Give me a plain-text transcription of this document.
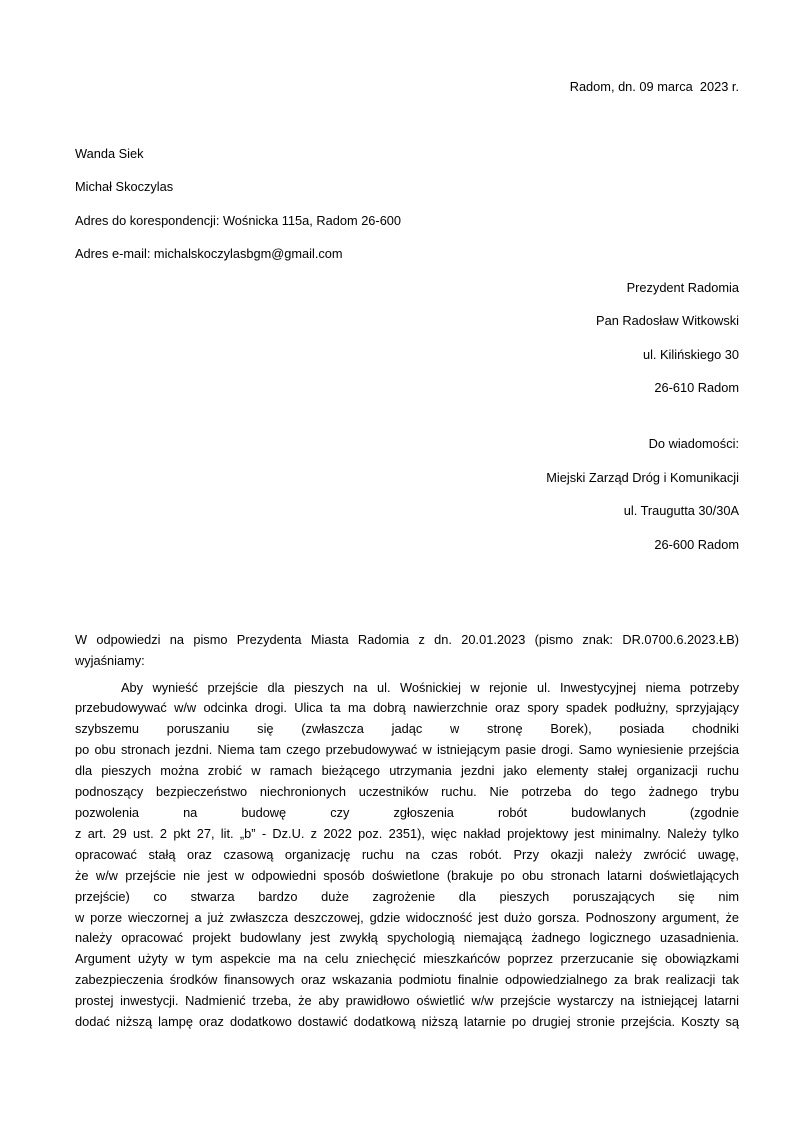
Radom, dn. 09 marca  2023 r.
Wanda Siek
Michał Skoczylas
Adres do korespondencji: Wośnicka 115a, Radom 26-600
Adres e-mail: michalskoczylasbgm@gmail.com
Prezydent Radomia
Pan Radosław Witkowski
ul. Kilińskiego 30
26-610 Radom
Do wiadomości:
Miejski Zarząd Dróg i Komunikacji
ul. Traugutta 30/30A
26-600 Radom
W odpowiedzi na pismo Prezydenta Miasta Radomia z dn. 20.01.2023 (pismo znak: DR.0700.6.2023.ŁB)
wyjaśniamy:
Aby wynieść przejście dla pieszych na ul. Wośnickiej w rejonie ul. Inwestycyjnej niema potrzeby
przebudowywać w/w odcinka drogi. Ulica ta ma dobrą nawierzchnie oraz spory spadek podłużny, sprzyjający
szybszemu poruszaniu się (zwłaszcza jadąc w stronę Borek), posiada chodniki
po obu stronach jezdni. Niema tam czego przebudowywać w istniejącym pasie drogi. Samo wyniesienie przejścia
dla pieszych można zrobić w ramach bieżącego utrzymania jezdni jako elementy stałej organizacji ruchu
podnoszący bezpieczeństwo niechronionych uczestników ruchu. Nie potrzeba do tego żadnego trybu
pozwolenia na budowę czy zgłoszenia robót budowlanych (zgodnie
z art. 29 ust. 2 pkt 27, lit. „b” - Dz.U. z 2022 poz. 2351), więc nakład projektowy jest minimalny. Należy tylko
opracować stałą oraz czasową organizację ruchu na czas robót. Przy okazji należy zwrócić uwagę,
że w/w przejście nie jest w odpowiedni sposób doświetlone (brakuje po obu stronach latarni doświetlających
przejście) co stwarza bardzo duże zagrożenie dla pieszych poruszających się nim
w porze wieczornej a już zwłaszcza deszczowej, gdzie widoczność jest dużo gorsza. Podnoszony argument, że
należy opracować projekt budowlany jest zwykłą spychologią niemającą żadnego logicznego uzasadnienia.
Argument użyty w tym aspekcie ma na celu zniechęcić mieszkańców poprzez przerzucanie się obowiązkami
zabezpieczenia środków finansowych oraz wskazania podmiotu finalnie odpowiedzialnego za brak realizacji tak
prostej inwestycji. Nadmienić trzeba, że aby prawidłowo oświetlić w/w przejście wystarczy na istniejącej latarni
dodać niższą lampę oraz dodatkowo dostawić dodatkową niższą latarnie po drugiej stronie przejścia. Koszty są
